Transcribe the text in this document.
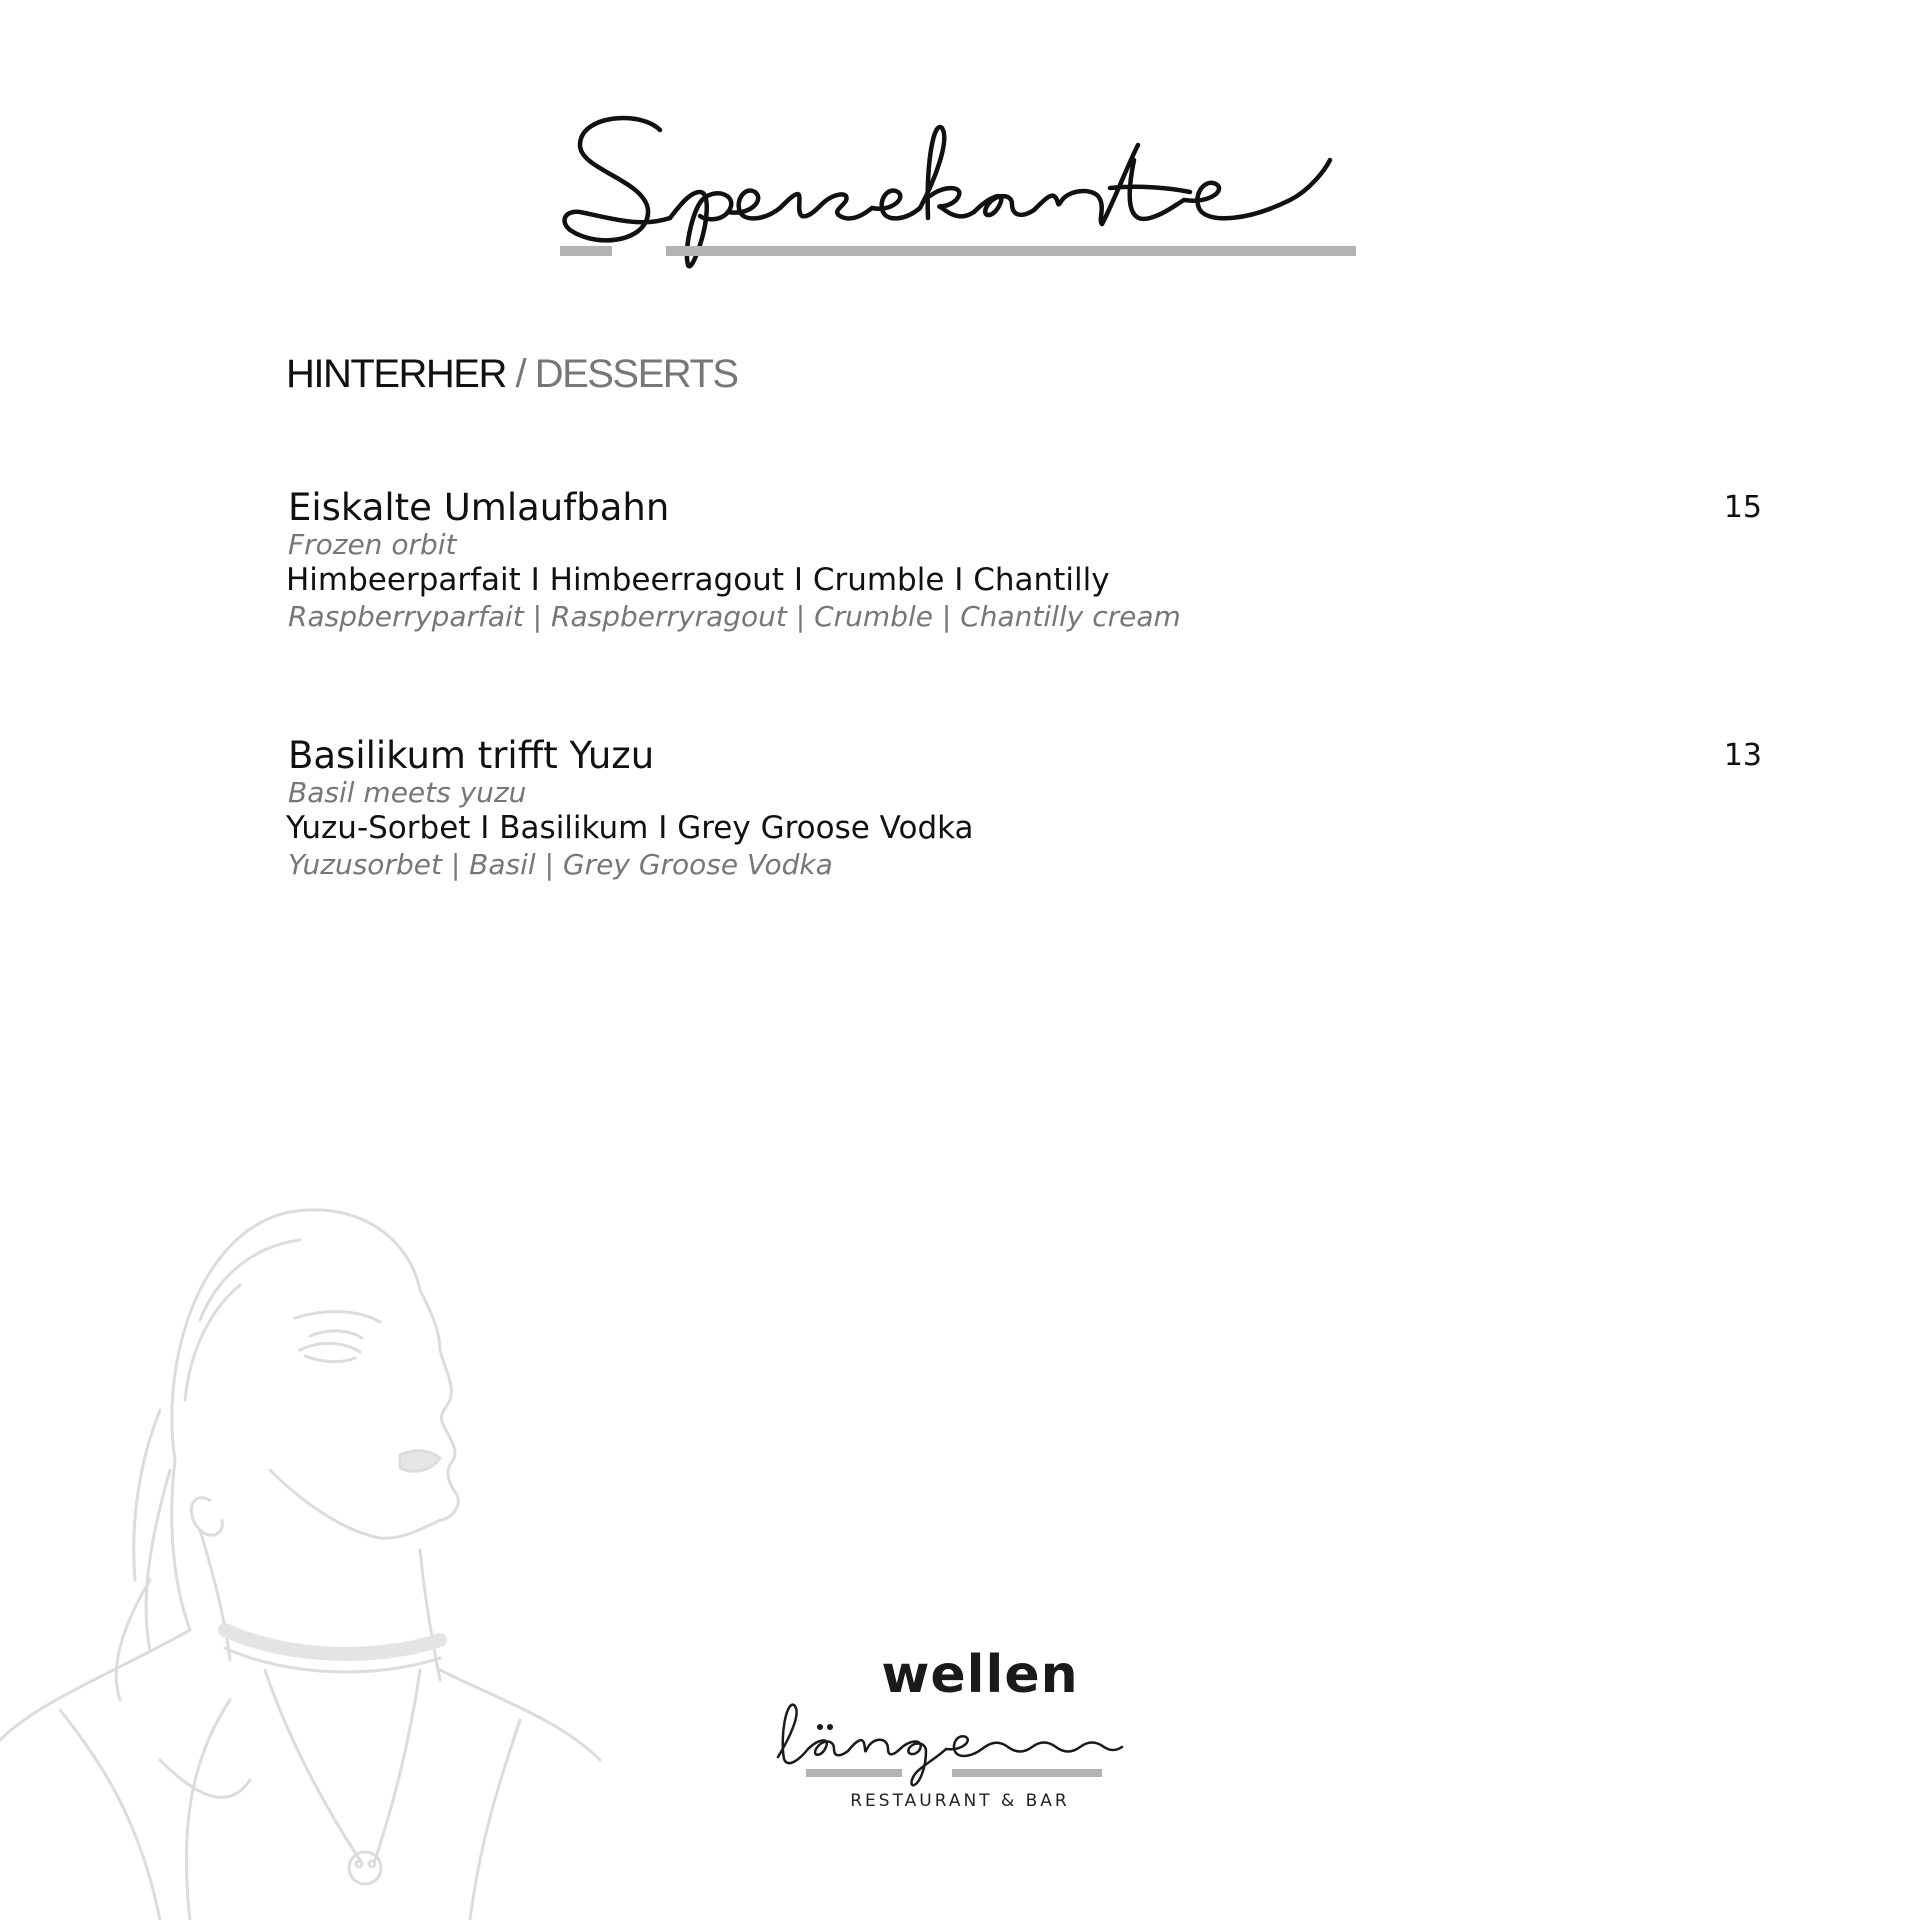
HINTERHER / DESSERTS
Eiskalte Umlaufbahn	15
Frozen orbit
Himbeerparfait I Himbeerragout I Crumble I Chantilly
Raspberryparfait | Raspberryragout | Crumble | Chantilly cream
Basilikum trifft Yuzu	13
Basil meets yuzu
Yuzu-Sorbet I Basilikum I Grey Groose Vodka
Yuzusorbet | Basil | Grey Groose Vodka
wellen
RESTAURANT & BAR
